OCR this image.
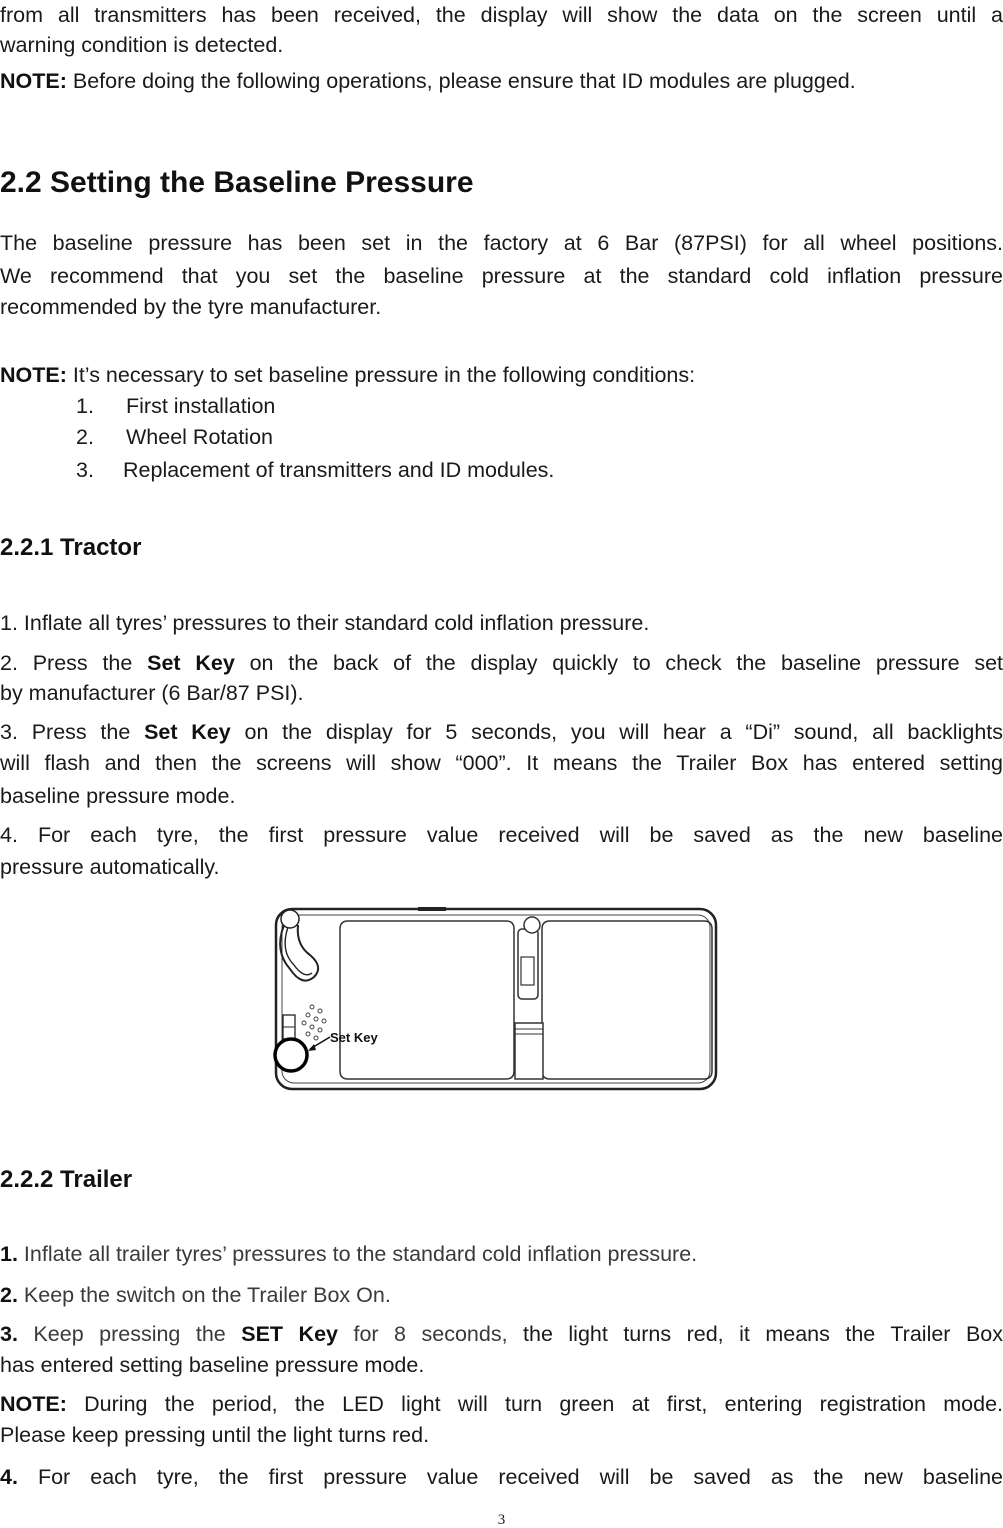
from all transmitters has been received, the display will show the data on the screen until a

warning condition is detected.

NOTE: Before doing the following operations, please ensure that ID modules are plugged.

2.2 Setting the Baseline Pressure

The baseline pressure has been set in the factory at 6 Bar (87PSI) for all wheel positions.

We recommend that you set the baseline pressure at the standard cold inflation pressure

recommended by the tyre manufacturer.

NOTE: It’s necessary to set baseline pressure in the following conditions:

1. First installation

2. Wheel Rotation

3. Replacement of transmitters and ID modules.

2.2.1 Tractor

1. Inflate all tyres’ pressures to their standard cold inflation pressure.

2. Press the Set Key on the back of the display quickly to check the baseline pressure set

by manufacturer (6 Bar/87 PSI).

3. Press the Set Key on the display for 5 seconds, you will hear a “Di” sound, all backlights

will flash and then the screens will show “000”. It means the Trailer Box has entered setting

baseline pressure mode.

4. For each tyre, the first pressure value received will be saved as the new baseline

pressure automatically.

Set Key
2.2.2 Trailer

1. Inflate all trailer tyres’ pressures to the standard cold inflation pressure.

2. Keep the switch on the Trailer Box On.

3. Keep pressing the SET Key for 8 seconds, the light turns red, it means the Trailer Box

has entered setting baseline pressure mode.

NOTE: During the period, the LED light will turn green at first, entering registration mode.

Please keep pressing until the light turns red.

4. For each tyre, the first pressure value received will be saved as the new baseline

3
